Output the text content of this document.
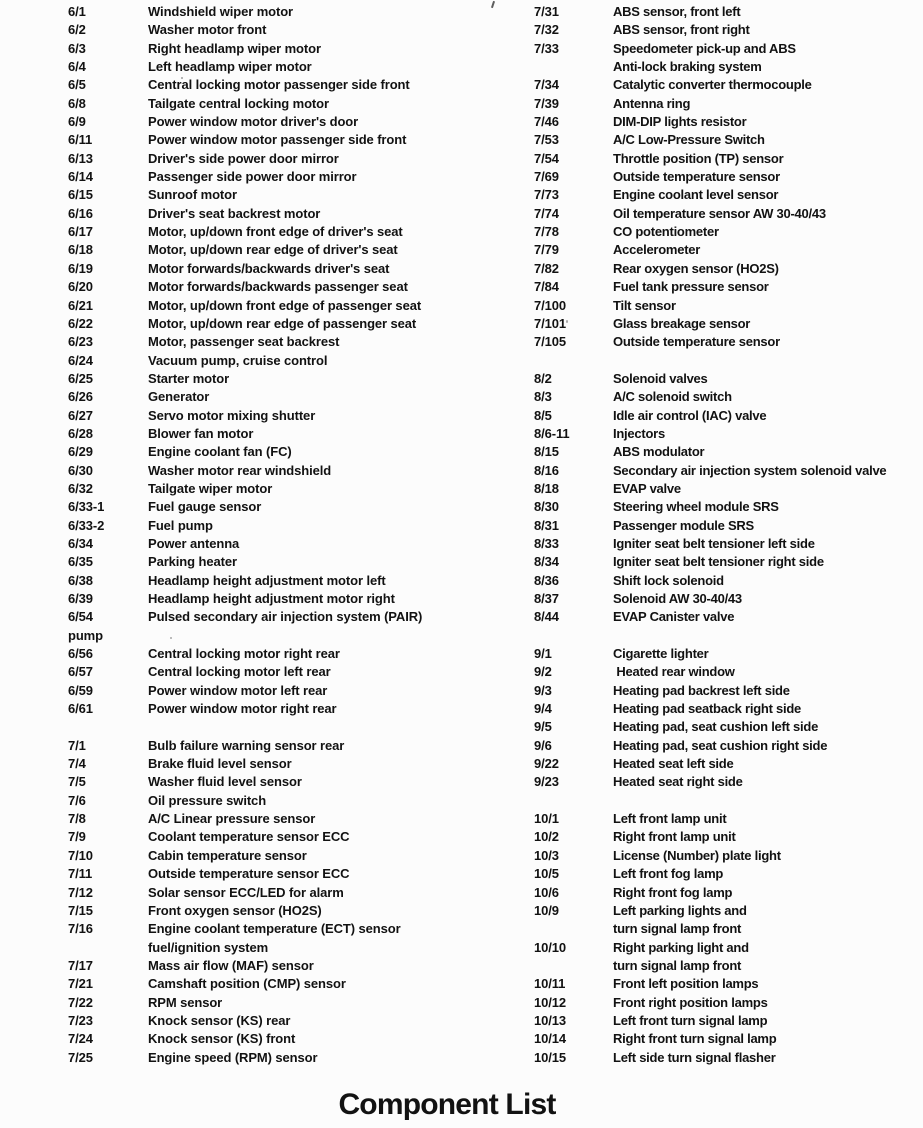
6/1	Windshield wiper motor
6/2	Washer motor front
6/3	Right headlamp wiper motor
6/4	Left headlamp wiper motor
6/5	Central locking motor passenger side front
6/8	Tailgate central locking motor
6/9	Power window motor driver's door
6/11	Power window motor passenger side front
6/13	Driver's side power door mirror
6/14	Passenger side power door mirror
6/15	Sunroof motor
6/16	Driver's seat backrest motor
6/17	Motor, up/down front edge of driver's seat
6/18	Motor, up/down rear edge of driver's seat
6/19	Motor forwards/backwards driver's seat
6/20	Motor forwards/backwards passenger seat
6/21	Motor, up/down front edge of passenger seat
6/22	Motor, up/down rear edge of passenger seat
6/23	Motor, passenger seat backrest
6/24	Vacuum pump, cruise control
6/25	Starter motor
6/26	Generator
6/27	Servo motor mixing shutter
6/28	Blower fan motor
6/29	Engine coolant fan (FC)
6/30	Washer motor rear windshield
6/32	Tailgate wiper motor
6/33-1	Fuel gauge sensor
6/33-2	Fuel pump
6/34	Power antenna
6/35	Parking heater
6/38	Headlamp height adjustment motor left
6/39	Headlamp height adjustment motor right
6/54	Pulsed secondary air injection system (PAIR)
pump
6/56	Central locking motor right rear
6/57	Central locking motor left rear
6/59	Power window motor left rear
6/61	Power window motor right rear
7/1	Bulb failure warning sensor rear
7/4	Brake fluid level sensor
7/5	Washer fluid level sensor
7/6	Oil pressure switch
7/8	A/C Linear pressure sensor
7/9	Coolant temperature sensor ECC
7/10	Cabin temperature sensor
7/11	Outside temperature sensor ECC
7/12	Solar sensor ECC/LED for alarm
7/15	Front oxygen sensor (HO2S)
7/16	Engine coolant temperature (ECT) sensor
fuel/ignition system
7/17	Mass air flow (MAF) sensor
7/21	Camshaft position (CMP) sensor
7/22	RPM sensor
7/23	Knock sensor (KS) rear
7/24	Knock sensor (KS) front
7/25	Engine speed (RPM) sensor
7/31	ABS sensor, front left
7/32	ABS sensor, front right
7/33	Speedometer pick-up and ABS
Anti-lock braking system
7/34	Catalytic converter thermocouple
7/39	Antenna ring
7/46	DIM-DIP lights resistor
7/53	A/C Low-Pressure Switch
7/54	Throttle position (TP) sensor
7/69	Outside temperature sensor
7/73	Engine coolant level sensor
7/74	Oil temperature sensor AW 30-40/43
7/78	CO potentiometer
7/79	Accelerometer
7/82	Rear oxygen sensor (HO2S)
7/84	Fuel tank pressure sensor
7/100	Tilt sensor
7/101	Glass breakage sensor
7/105	Outside temperature sensor
8/2	Solenoid valves
8/3	A/C solenoid switch
8/5	Idle air control (IAC) valve
8/6-11	Injectors
8/15	ABS modulator
8/16	Secondary air injection system solenoid valve
8/18	EVAP valve
8/30	Steering wheel module SRS
8/31	Passenger module SRS
8/33	Igniter seat belt tensioner left side
8/34	Igniter seat belt tensioner right side
8/36	Shift lock solenoid
8/37	Solenoid AW 30-40/43
8/44	EVAP Canister valve
9/1	Cigarette lighter
9/2	Heated rear window
9/3	Heating pad backrest left side
9/4	Heating pad seatback right side
9/5	Heating pad, seat cushion left side
9/6	Heating pad, seat cushion right side
9/22	Heated seat left side
9/23	Heated seat right side
10/1	Left front lamp unit
10/2	Right front lamp unit
10/3	License (Number) plate light
10/5	Left front fog lamp
10/6	Right front fog lamp
10/9	Left parking lights and
turn signal lamp front
10/10	Right parking light and
turn signal lamp front
10/11	Front left position lamps
10/12	Front right position lamps
10/13	Left front turn signal lamp
10/14	Right front turn signal lamp
10/15	Left side turn signal flasher
Component List
